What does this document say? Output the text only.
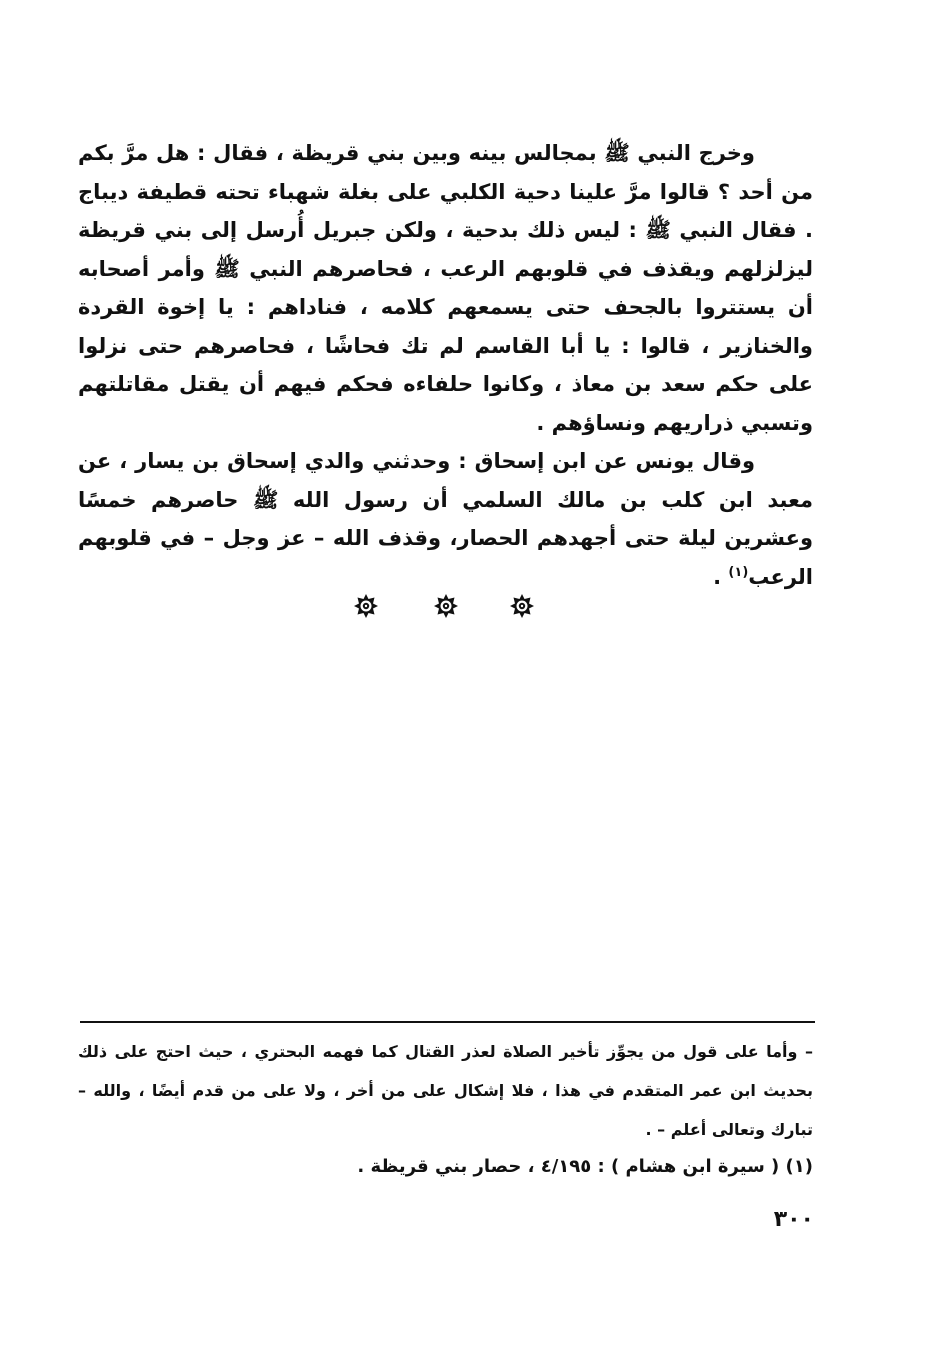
وخرج النبي ﷺ بمجالس بينه وبين بني قريظة ، فقال : هل مرَّ بكم من أحد ؟ قالوا مرَّ علينا دحية الكلبي على بغلة شهباء تحته قطيفة ديباج . فقال النبي ﷺ : ليس ذلك بدحية ، ولكن جبريل أُرسل إلى بني قريظة ليزلزلهم ويقذف في قلوبهم الرعب ، فحاصرهم النبي ﷺ وأمر أصحابه أن يستتروا بالجحف حتى يسمعهم كلامه ، فناداهم : يا إخوة القردة والخنازير ، قالوا : يا أبا القاسم لم تك فحاشًا ، فحاصرهم حتى نزلوا على حكم سعد بن معاذ ، وكانوا حلفاءه فحكم فيهم أن يقتل مقاتلتهم وتسبي ذراريهم ونساؤهم .

وقال يونس عن ابن إسحاق : وحدثني والدي إسحاق بن يسار ، عن معبد ابن كلب بن مالك السلمي أن رسول الله ﷺ حاصرهم خمسًا وعشرين ليلة حتى أجهدهم الحصار، وقذف الله – عز وجل – في قلوبهم الرعب$^{(١)}$ .

– وأما على قول من يجوِّز تأخير الصلاة لعذر القتال كما فهمه البحتري ، حيث احتج على ذلك بحديث ابن عمر المتقدم في هذا ، فلا إشكال على من أخر ، ولا على من قدم أيضًا ، والله – تبارك وتعالى أعلم – .

(١) ( سيرة ابن هشام ) : ٤/١٩٥ ، حصار بني قريظة .

٣٠٠
